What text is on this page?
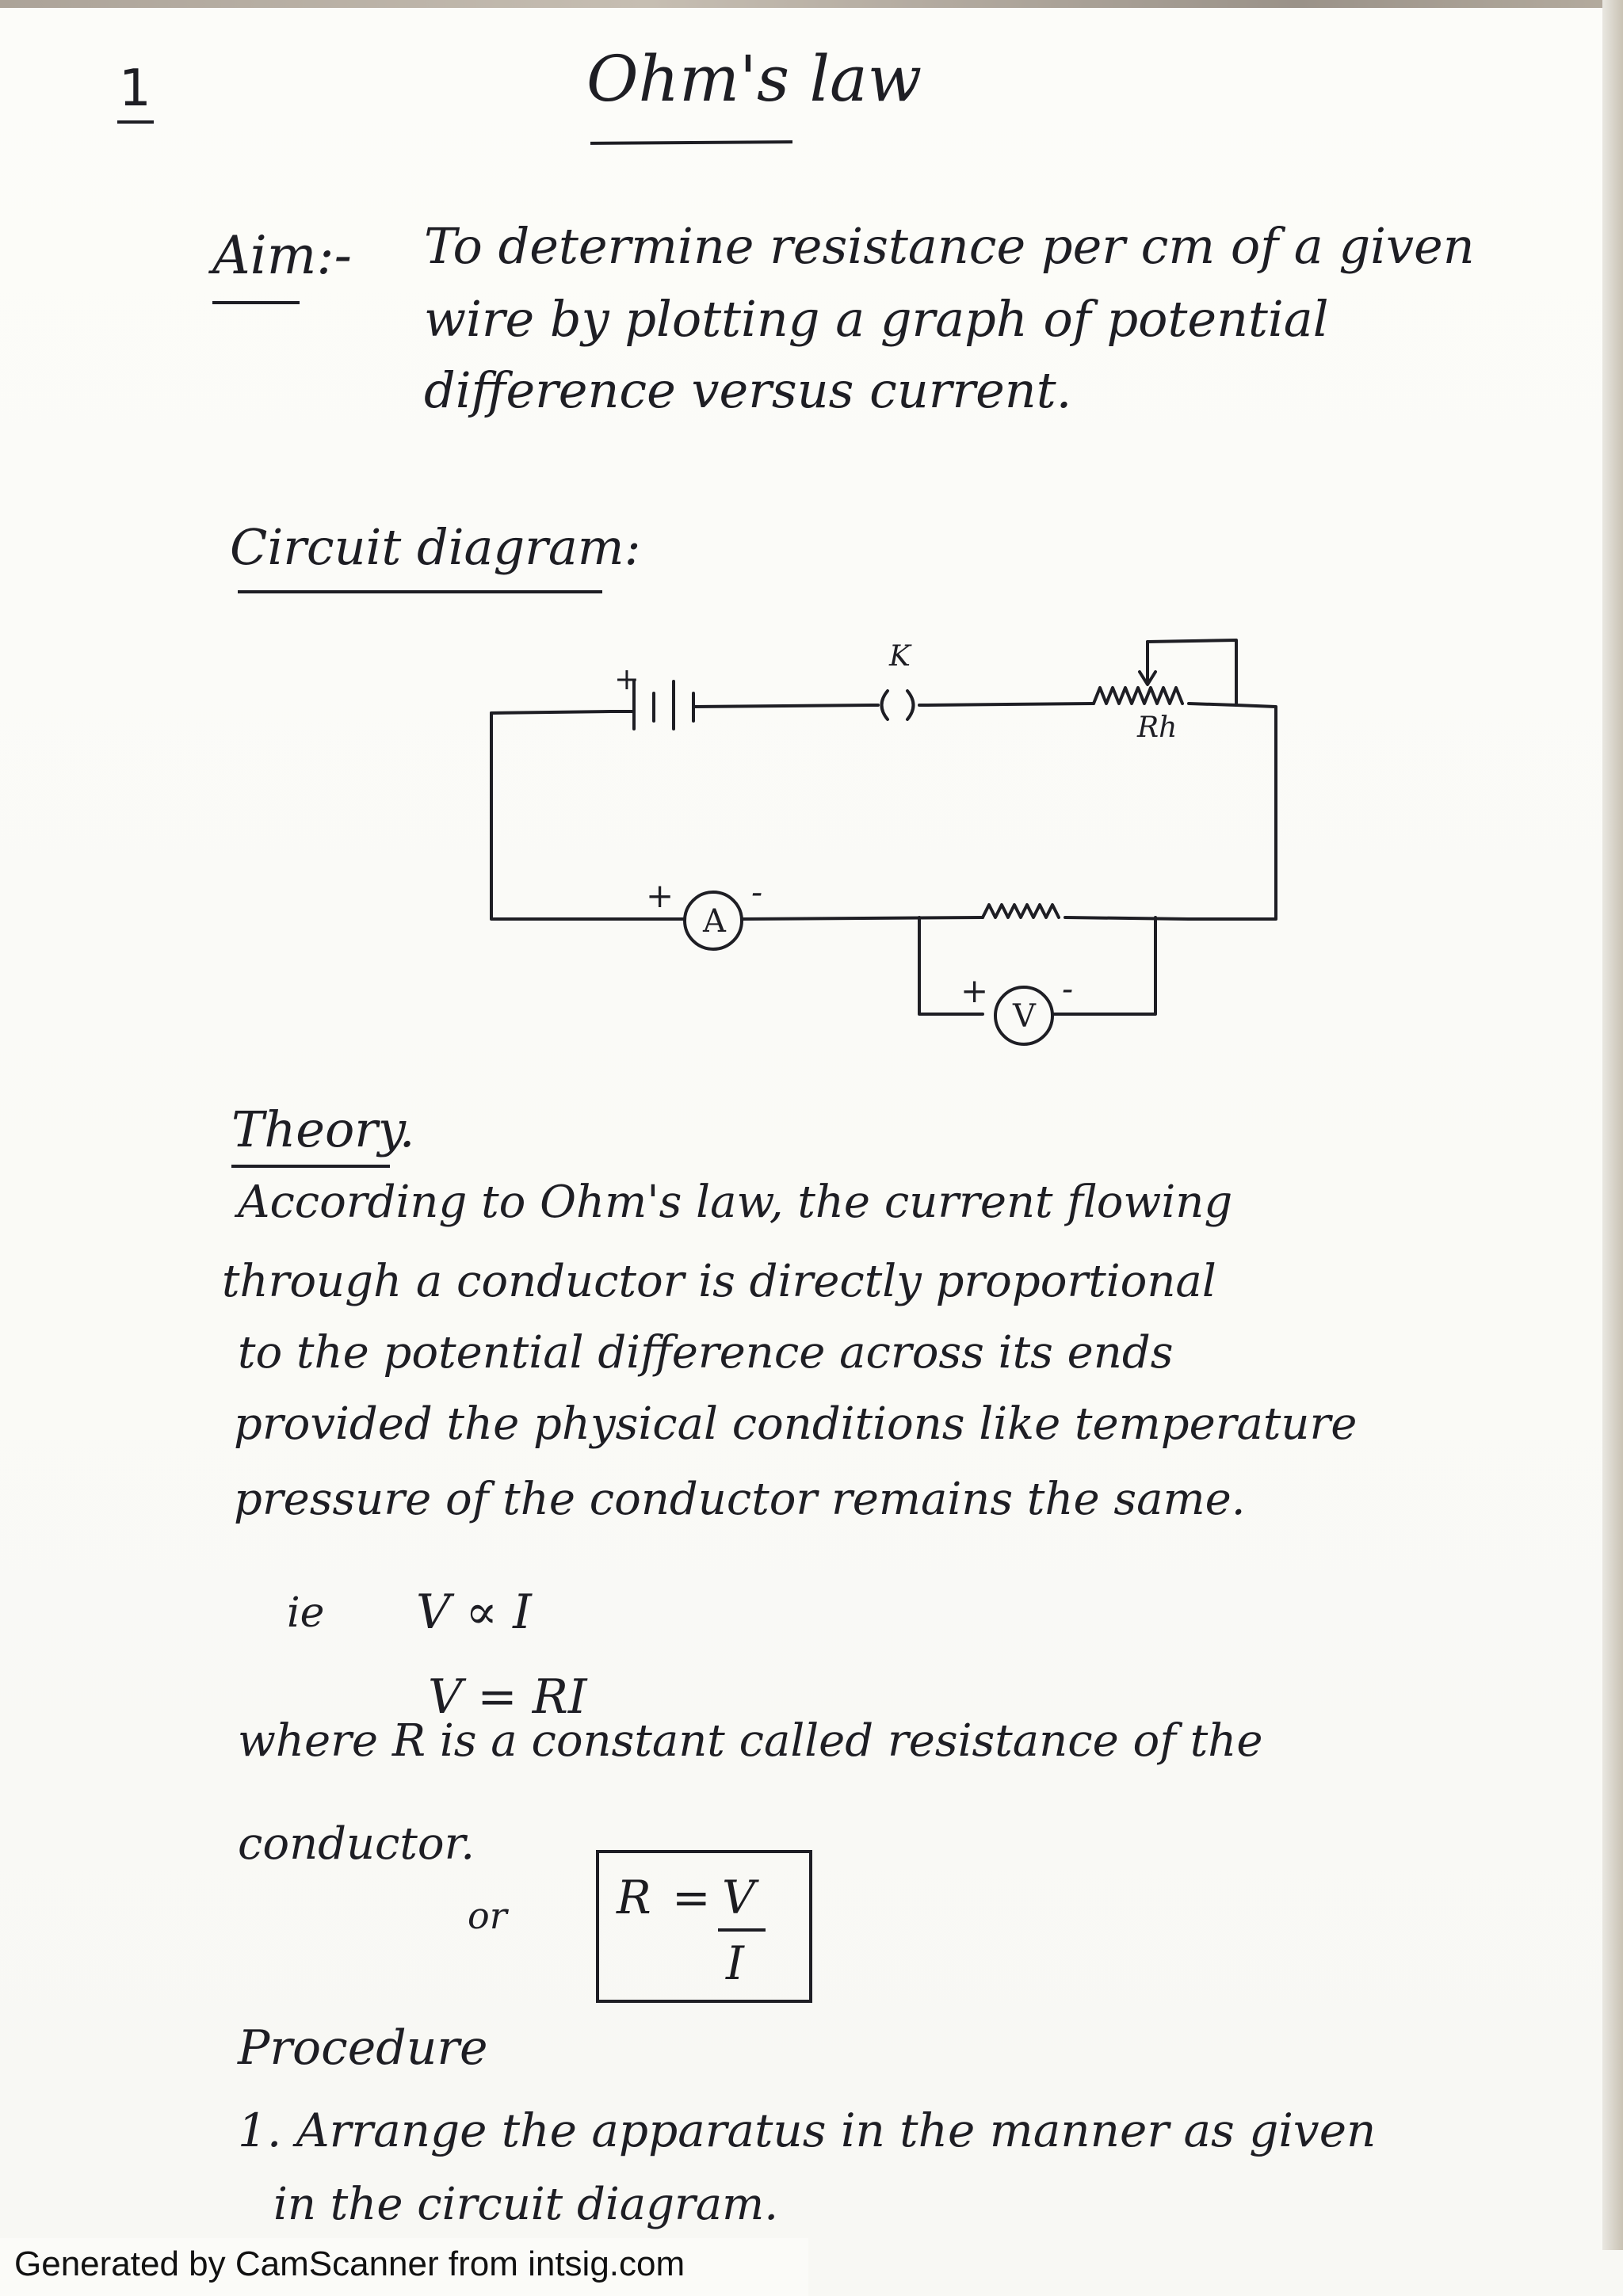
1	Ohm's law
Aim:- To determine resistance per cm of a given
wire by plotting a graph of potential
difference versus current.
Circuit diagram:
+
K
Rh
+
A
-
+
V
-
Theory.
According to Ohm's law, the current flowing
through a conductor is directly proportional
to the potential difference across its ends
provided the physical conditions like temperature
pressure of the conductor remains the same.
ie V ∝ I
V = RI
where R is a constant called resistance of the
conductor.
or R = V
I
Procedure
1. Arrange the apparatus in the manner as given
in the circuit diagram.
Generated by CamScanner from intsig.com
